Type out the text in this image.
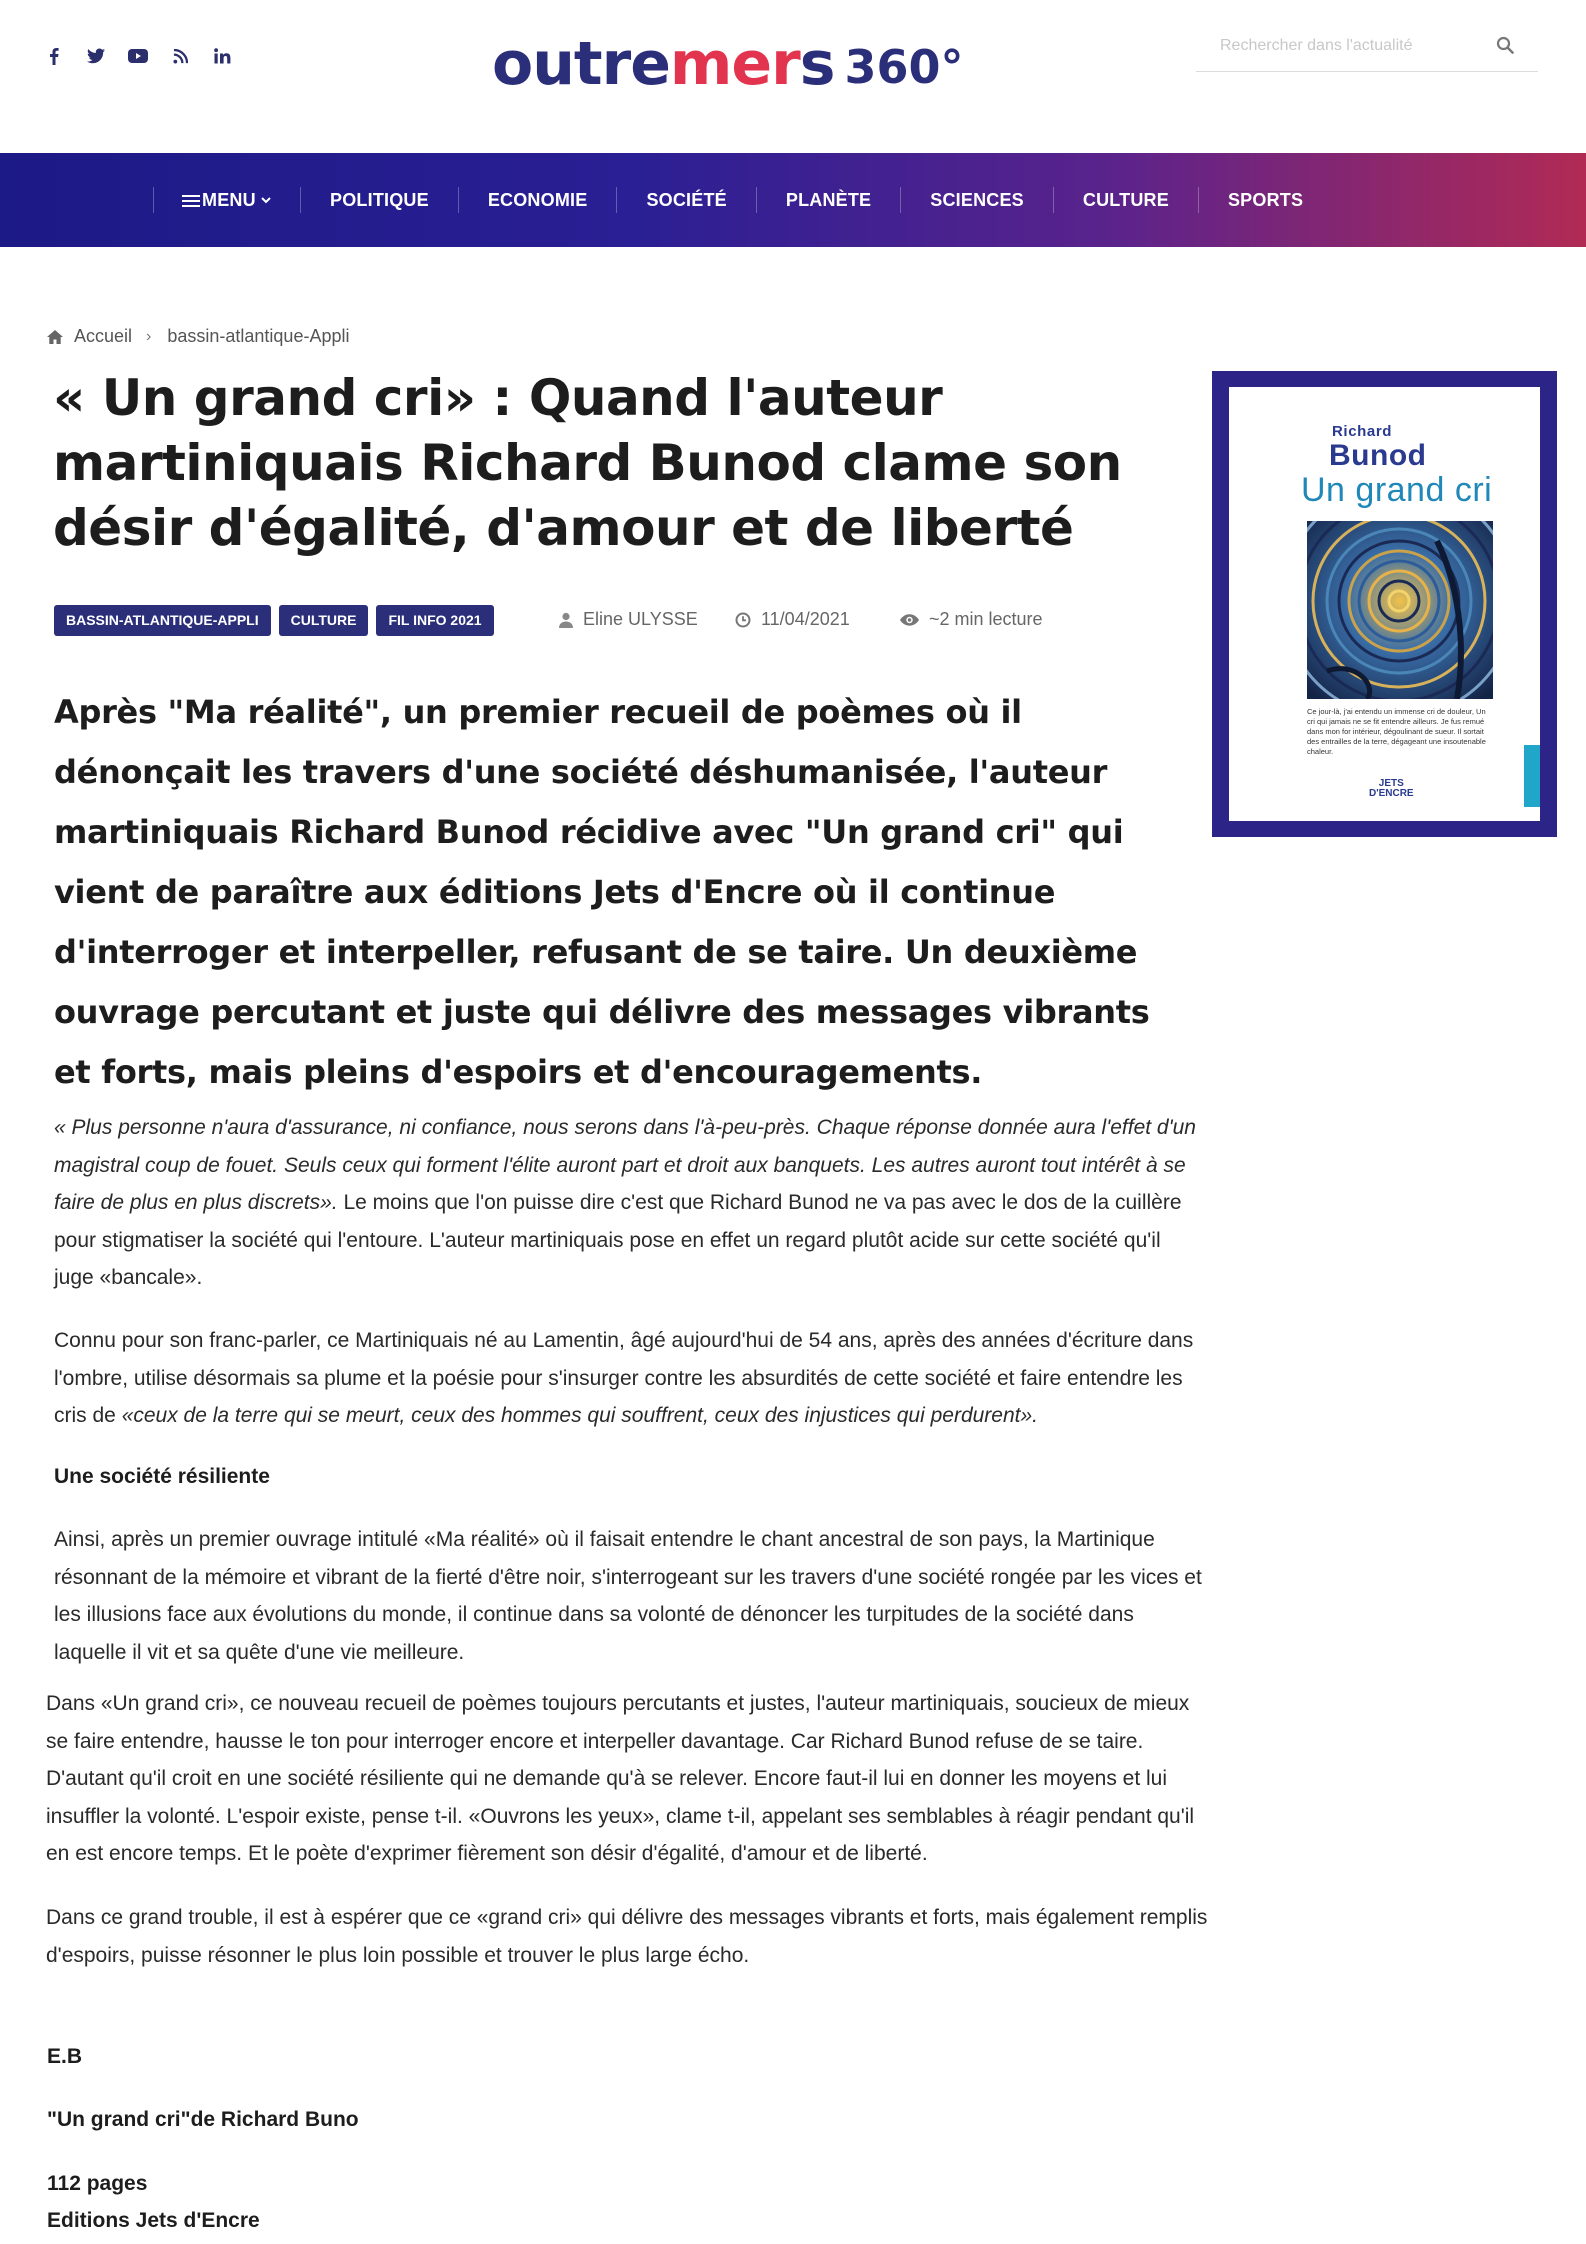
outre mer s 360°
Rechercher dans l'actualité
MENU	POLITIQUE	ECONOMIE	SOCIÉTÉ	PLANÈTE	SCIENCES	CULTURE	SPORTS
Accueil › bassin-atlantique-Appli
« Un grand cri» : Quand l'auteur martiniquais Richard Bunod clame son désir d'égalité, d'amour et de liberté
BASSIN-ATLANTIQUE-APPLI	CULTURE	FIL INFO 2021	Eline ULYSSE	11/04/2021	~2 min lecture
Richard
Bunod
Un grand cri
Ce jour-là, j'ai entendu un immense cri de douleur, Un cri qui jamais ne se fit entendre ailleurs. Je fus remué dans mon for intérieur, dégoulinant de sueur. Il sortait des entrailles de la terre, dégageant une insoutenable chaleur.
JETS
D'ENCRE

Après "Ma réalité", un premier recueil de poèmes où il dénonçait les travers d'une société déshumanisée, l'auteur martiniquais Richard Bunod récidive avec "Un grand cri" qui vient de paraître aux éditions Jets d'Encre où il continue d'interroger et interpeller, refusant de se taire. Un deuxième ouvrage percutant et juste qui délivre des messages vibrants et forts, mais pleins d'espoirs et d'encouragements.

« Plus personne n'aura d'assurance, ni confiance, nous serons dans l'à-peu-près. Chaque réponse donnée aura l'effet d'un magistral coup de fouet. Seuls ceux qui forment l'élite auront part et droit aux banquets. Les autres auront tout intérêt à se faire de plus en plus discrets». Le moins que l'on puisse dire c'est que Richard Bunod ne va pas avec le dos de la cuillère pour stigmatiser la société qui l'entoure. L'auteur martiniquais pose en effet un regard plutôt acide sur cette société qu'il juge «bancale».

Connu pour son franc-parler, ce Martiniquais né au Lamentin, âgé aujourd'hui de 54 ans, après des années d'écriture dans l'ombre, utilise désormais sa plume et la poésie pour s'insurger contre les absurdités de cette société et faire entendre les cris de «ceux de la terre qui se meurt, ceux des hommes qui souffrent, ceux des injustices qui perdurent».

Une société résiliente

Ainsi, après un premier ouvrage intitulé «Ma réalité» où il faisait entendre le chant ancestral de son pays, la Martinique résonnant de la mémoire et vibrant de la fierté d'être noir, s'interrogeant sur les travers d'une société rongée par les vices et les illusions face aux évolutions du monde, il continue dans sa volonté de dénoncer les turpitudes de la société dans laquelle il vit et sa quête d'une vie meilleure.

Dans «Un grand cri», ce nouveau recueil de poèmes toujours percutants et justes, l'auteur martiniquais, soucieux de mieux se faire entendre, hausse le ton pour interroger encore et interpeller davantage. Car Richard Bunod refuse de se taire. D'autant qu'il croit en une société résiliente qui ne demande qu'à se relever. Encore faut-il lui en donner les moyens et lui insuffler la volonté. L'espoir existe, pense t-il. «Ouvrons les yeux», clame t-il, appelant ses semblables à réagir pendant qu'il en est encore temps. Et le poète d'exprimer fièrement son désir d'égalité, d'amour et de liberté.

Dans ce grand trouble, il est à espérer que ce «grand cri» qui délivre des messages vibrants et forts, mais également remplis d'espoirs, puisse résonner le plus loin possible et trouver le plus large écho.

E.B
"Un grand cri"de Richard Buno
112 pages
Editions Jets d'Encre
